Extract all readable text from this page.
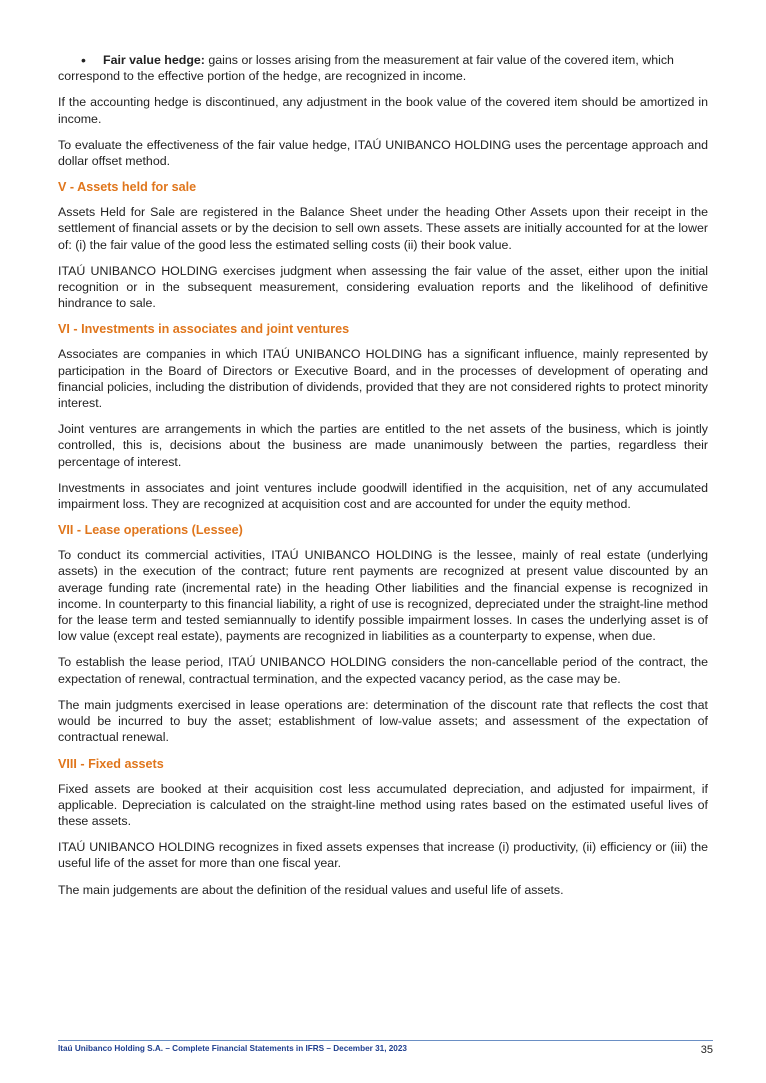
• Fair value hedge: gains or losses arising from the measurement at fair value of the covered item, which
correspond to the effective portion of the hedge, are recognized in income.

If the accounting hedge is discontinued, any adjustment in the book value of the covered item should be amortized in income.

To evaluate the effectiveness of the fair value hedge, ITAÚ UNIBANCO HOLDING uses the percentage approach and dollar offset method.

V - Assets held for sale

Assets Held for Sale are registered in the Balance Sheet under the heading Other Assets upon their receipt in the settlement of financial assets or by the decision to sell own assets. These assets are initially accounted for at the lower of: (i) the fair value of the good less the estimated selling costs (ii) their book value.

ITAÚ UNIBANCO HOLDING exercises judgment when assessing the fair value of the asset, either upon the initial recognition or in the subsequent measurement, considering evaluation reports and the likelihood of definitive hindrance to sale.

VI - Investments in associates and joint ventures

Associates are companies in which ITAÚ UNIBANCO HOLDING has a significant influence, mainly represented by participation in the Board of Directors or Executive Board, and in the processes of development of operating and financial policies, including the distribution of dividends, provided that they are not considered rights to protect minority interest.

Joint ventures are arrangements in which the parties are entitled to the net assets of the business, which is jointly controlled, this is, decisions about the business are made unanimously between the parties, regardless their percentage of interest.

Investments in associates and joint ventures include goodwill identified in the acquisition, net of any accumulated impairment loss. They are recognized at acquisition cost and are accounted for under the equity method.

VII - Lease operations (Lessee)

To conduct its commercial activities, ITAÚ UNIBANCO HOLDING is the lessee, mainly of real estate (underlying assets) in the execution of the contract; future rent payments are recognized at present value discounted by an average funding rate (incremental rate) in the heading Other liabilities and the financial expense is recognized in income. In counterparty to this financial liability, a right of use is recognized, depreciated under the straight-line method for the lease term and tested semiannually to identify possible impairment losses. In cases the underlying asset is of low value (except real estate), payments are recognized in liabilities as a counterparty to expense, when due.

To establish the lease period, ITAÚ UNIBANCO HOLDING considers the non-cancellable period of the contract, the expectation of renewal, contractual termination, and the expected vacancy period, as the case may be.

The main judgments exercised in lease operations are: determination of the discount rate that reflects the cost that would be incurred to buy the asset; establishment of low-value assets; and assessment of the expectation of contractual renewal.

VIII - Fixed assets

Fixed assets are booked at their acquisition cost less accumulated depreciation, and adjusted for impairment, if applicable. Depreciation is calculated on the straight-line method using rates based on the estimated useful lives of these assets.

ITAÚ UNIBANCO HOLDING recognizes in fixed assets expenses that increase (i) productivity, (ii) efficiency or (iii) the useful life of the asset for more than one fiscal year.

The main judgements are about the definition of the residual values and useful life of assets.

Itaú Unibanco Holding S.A. – Complete Financial Statements in IFRS – December 31, 2023	35
